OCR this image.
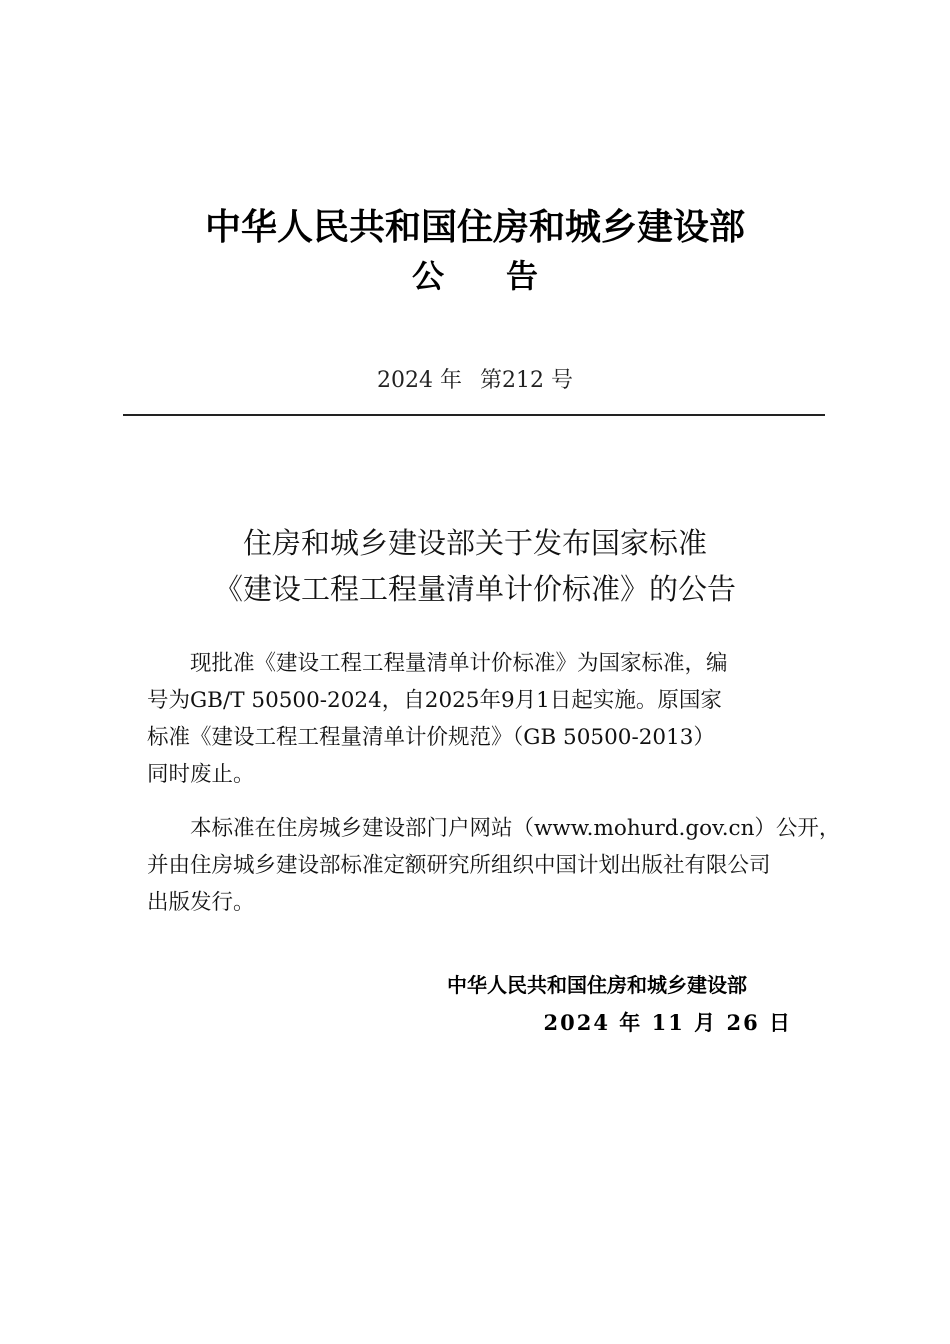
中华人民共和国住房和城乡建设部
公 告
2024 年 第212 号
住房和城乡建设部关于发布国家标准
《建设工程工程量清单计价标准》的公告
现批准《建设工程工程量清单计价标准》为国家标准，编
号为GB/T 50500-2024，自2025年9月1日起实施。原国家
标准《建设工程工程量清单计价规范》（GB 50500-2013）
同时废止。
本标准在住房城乡建设部门户网站（www.mohurd.gov.cn）公开，
并由住房城乡建设部标准定额研究所组织中国计划出版社有限公司
出版发行。
中华人民共和国住房和城乡建设部
2024 年 11 月 26 日
